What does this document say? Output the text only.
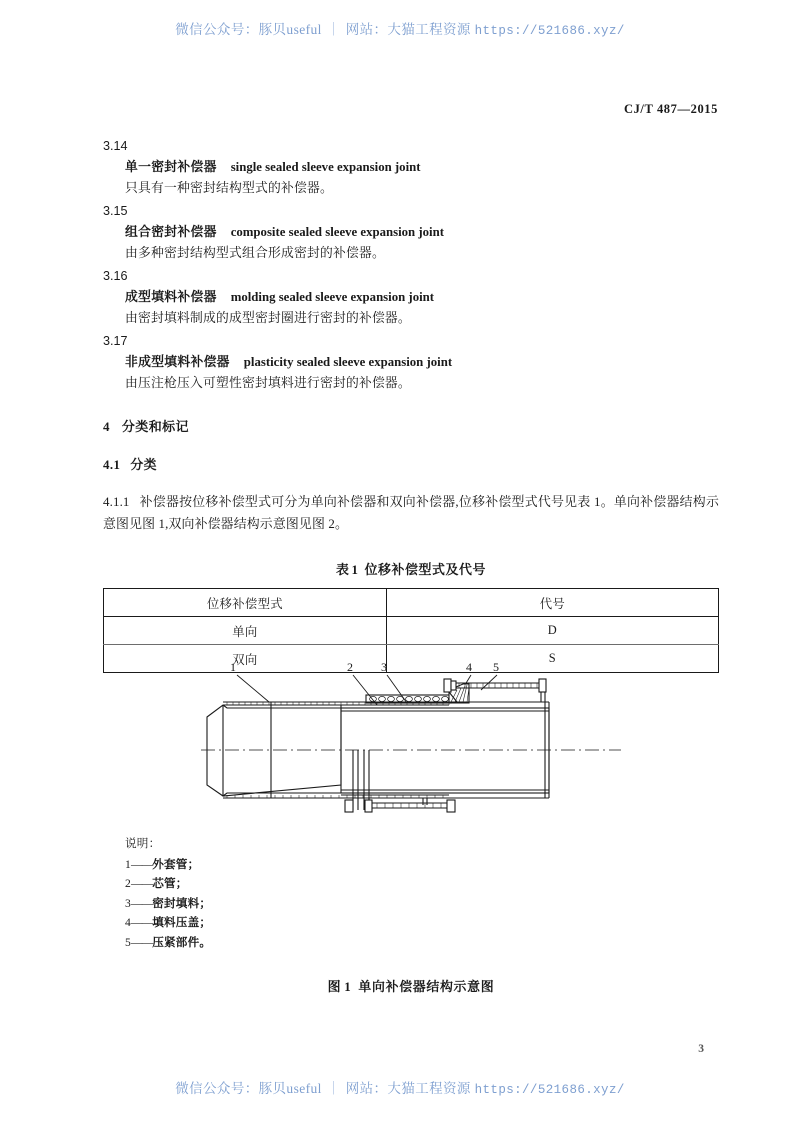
微信公众号：豚贝useful ｜ 网站：大猫工程资源 https://521686.xyz/
CJ/T 487—2015
3.14
单一密封补偿器 single sealed sleeve expansion joint
只具有一种密封结构型式的补偿器。
3.15
组合密封补偿器 composite sealed sleeve expansion joint
由多种密封结构型式组合形成密封的补偿器。
3.16
成型填料补偿器 molding sealed sleeve expansion joint
由密封填料制成的成型密封圈进行密封的补偿器。
3.17
非成型填料补偿器 plasticity sealed sleeve expansion joint
由压注枪压入可塑性密封填料进行密封的补偿器。
4 分类和标记
4.1 分类
4.1.1 补偿器按位移补偿型式可分为单向补偿器和双向补偿器,位移补偿型式代号见表 1。单向补偿器结构示意图见图 1,双向补偿器结构示意图见图 2。
表 1 位移补偿型式及代号
位移补偿型式	代号
单向	D
双向	S
1	2 3	4 5
说明：
1——外套管；
2——芯管；
3——密封填料；
4——填料压盖；
5——压紧部件。
图 1 单向补偿器结构示意图
3
微信公众号：豚贝useful ｜ 网站：大猫工程资源 https://521686.xyz/
